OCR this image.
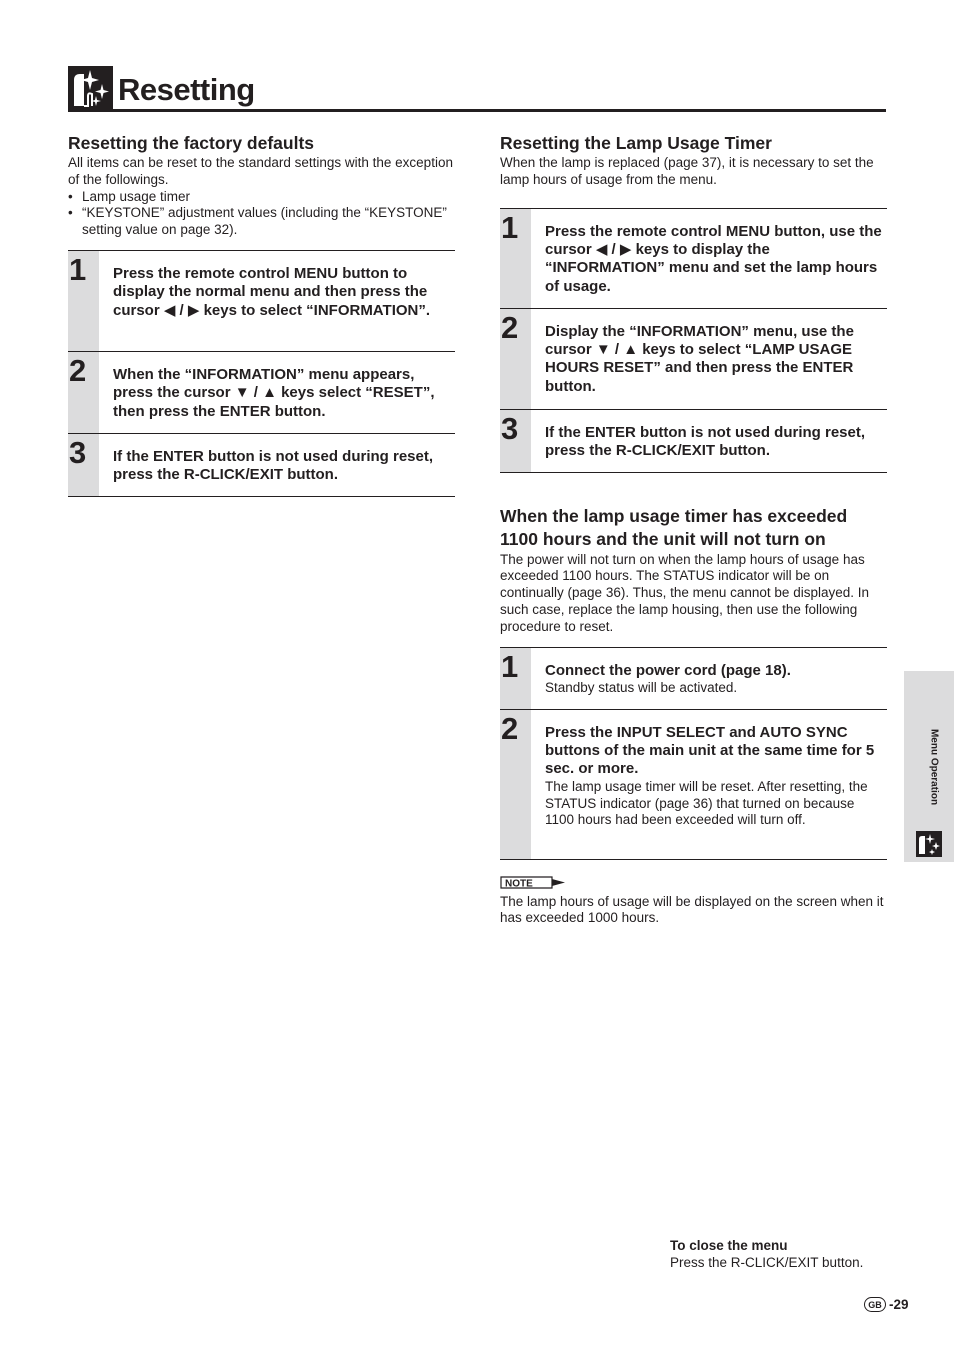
Resetting
Resetting the factory defaults

All items can be reset to the standard settings with the exception of the followings.

• Lamp usage timer
• “KEYSTONE” adjustment values (including the “KEYSTONE” setting value on page 32).
1 Press the remote control MENU button to display the normal menu and then press the cursor ◀ / ▶ keys to select “INFORMATION”.

2 When the “INFORMATION” menu appears, press the cursor ▼ / ▲ keys select “RESET”, then press the ENTER button.

3 If the ENTER button is not used during reset, press the R-CLICK/EXIT button.

Resetting the Lamp Usage Timer

When the lamp is replaced (page 37), it is necessary to set the lamp hours of usage from the menu.

1 Press the remote control MENU button, use the cursor ◀ / ▶ keys to display the “INFORMATION” menu and set the lamp hours of usage.

2 Display the “INFORMATION” menu, use the cursor ▼ / ▲ keys to select “LAMP USAGE HOURS RESET” and then press the ENTER button.

3 If the ENTER button is not used during reset, press the R-CLICK/EXIT button.

When the lamp usage timer has exceeded 1100 hours and the unit will not turn on

The power will not turn on when the lamp hours of usage has exceeded 1100 hours. The STATUS indicator will be on continually (page 36). Thus, the menu cannot be displayed. In such case, replace the lamp housing, then use the following procedure to reset.

1 Connect the power cord (page 18).

Standby status will be activated.

2 Press the INPUT SELECT and AUTO SYNC buttons of the main unit at the same time for 5 sec. or more.

The lamp usage timer will be reset. After resetting, the STATUS indicator (page 36) that turned on because 1100 hours had been exceeded will turn off.

NOTE

The lamp hours of usage will be displayed on the screen when it has exceeded 1000 hours.

Menu Operation

To close the menu

Press the R-CLICK/EXIT button.

GB -29
